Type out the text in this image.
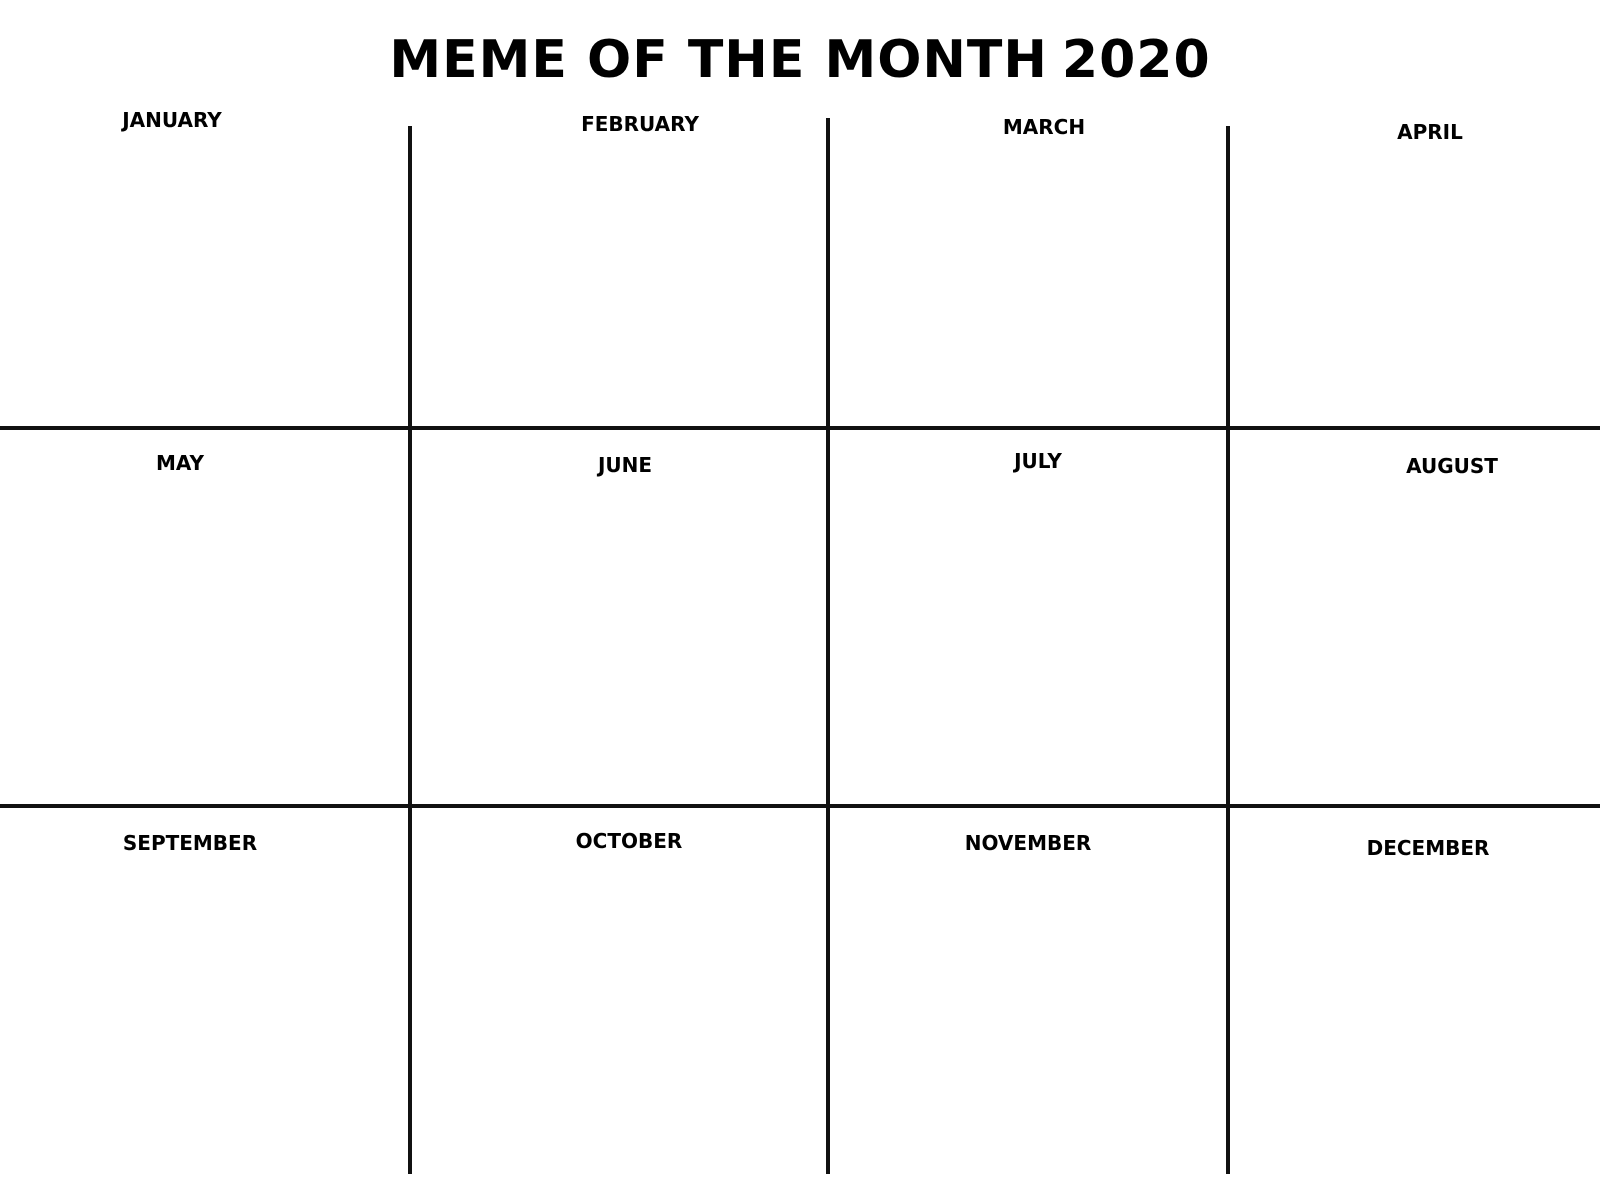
MEME OF THE MONTH 2020
JANUARY	FEBRUARY	MARCH	APRIL
MAY	JUNE	JULY	AUGUST
SEPTEMBER	OCTOBER	NOVEMBER	DECEMBER
